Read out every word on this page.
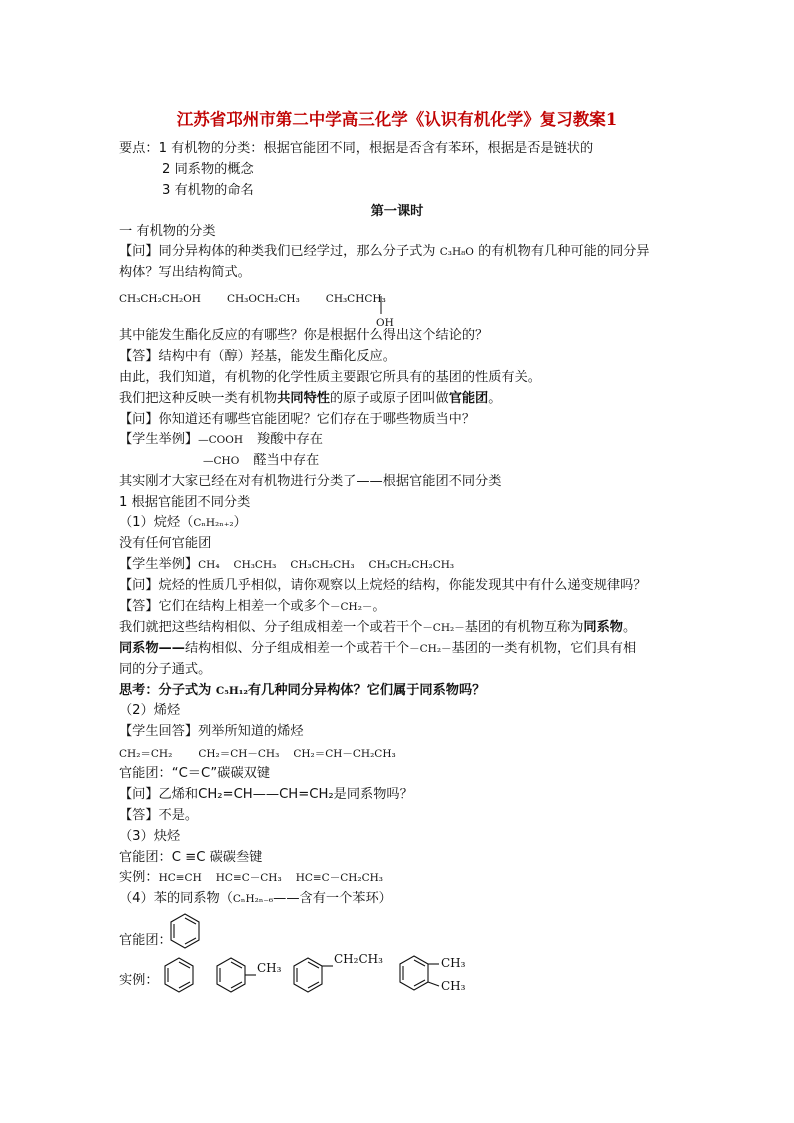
江苏省邛州市第二中学高三化学《认识有机化学》复习教案1
要点：1 有机物的分类：根据官能团不同，根据是否含有苯环，根据是否是链状的
2 同系物的概念
3 有机物的命名
第一课时
一 有机物的分类
【问】同分异构体的种类我们已经学过，那么分子式为 C₃H₈O 的有机物有几种可能的同分异
构体？写出结构简式。
CH₃CH₂CH₂OH CH₃OCH₂CH₃ CH₃CHCH₃
OH
其中能发生酯化反应的有哪些？你是根据什么得出这个结论的？
【答】结构中有（醇）羟基，能发生酯化反应。
由此，我们知道，有机物的化学性质主要跟它所具有的基团的性质有关。
我们把这种反映一类有机物共同特性的原子或原子团叫做官能团。
【问】你知道还有哪些官能团呢？它们存在于哪些物质当中？
【学生举例】—COOH 羧酸中存在
—CHO 醛当中存在
其实刚才大家已经在对有机物进行分类了——根据官能团不同分类
1 根据官能团不同分类
（1）烷烃（CₙH₂ₙ₊₂）
没有任何官能团
【学生举例】CH₄ CH₃CH₃ CH₃CH₂CH₃ CH₃CH₂CH₂CH₃
【问】烷烃的性质几乎相似，请你观察以上烷烃的结构，你能发现其中有什么递变规律吗？
【答】它们在结构上相差一个或多个－CH₂－。
我们就把这些结构相似、分子组成相差一个或若干个－CH₂－基团的有机物互称为同系物。
同系物——结构相似、分子组成相差一个或若干个－CH₂－基团的一类有机物，它们具有相
同的分子通式。
思考：分子式为 C₅H₁₂有几种同分异构体？它们属于同系物吗？
（2）烯烃
【学生回答】列举所知道的烯烃
CH₂＝CH₂ CH₂＝CH－CH₃ CH₂＝CH－CH₂CH₃
官能团：“C＝C”碳碳双键
【问】乙烯和CH₂=CH——CH=CH₂是同系物吗？
【答】不是。
（3）炔烃
官能团：C ≡C 碳碳叁键
实例：HC≡CH HC≡C－CH₃ HC≡C－CH₂CH₃
（4）苯的同系物（CₙH₂ₙ₋₆——含有一个苯环）
官能团：
实例：
CH₃
CH₂CH₃	CH₃
CH₃
